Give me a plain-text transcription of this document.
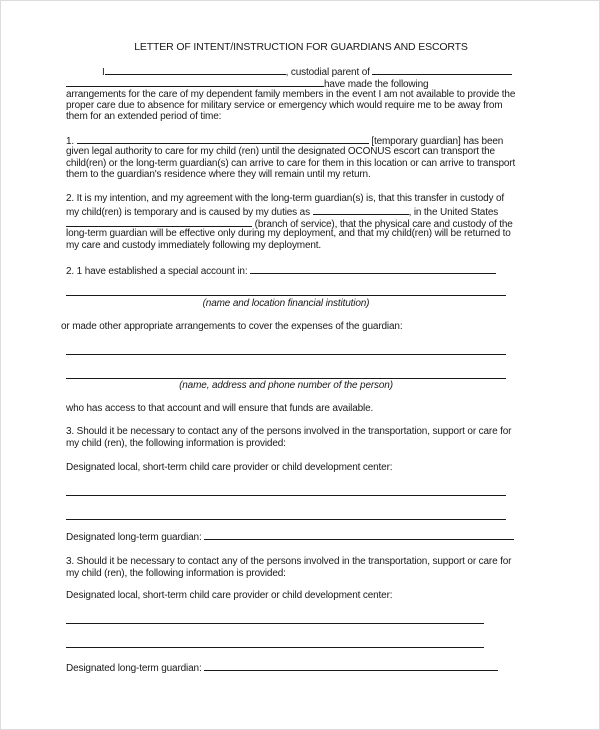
LETTER OF INTENT/INSTRUCTION FOR GUARDIANS AND ESCORTS
I	, custodial parent of
have made the following
arrangements for the care of my dependent family members in the event I am not available to provide the
proper care due to absence for military service or emergency which would require me to be away from
them for an extended period of time:
1.	[temporary guardian] has been
given legal authority to care for my child (ren) until the designated OCONUS escort can transport the
child(ren) or the long-term guardian(s) can arrive to care for them in this location or can arrive to transport
them to the guardian's residence where they will remain until my return.
2. It is my intention, and my agreement with the long-term guardian(s) is, that this transfer in custody of
my child(ren) is temporary and is caused by my duties as	, in the United States
(branch of service), that the physical care and custody of the
long-term guardian will be effective only during my deployment, and that my child(ren) will be returned to
my care and custody immediately following my deployment.
2. 1 have established a special account in:
(name and location financial institution)
or made other appropriate arrangements to cover the expenses of the guardian:
(name, address and phone number of the person)
who has access to that account and will ensure that funds are available.
3. Should it be necessary to contact any of the persons involved in the transportation, support or care for
my child (ren), the following information is provided:
Designated local, short-term child care provider or child development center:
Designated long-term guardian:
3. Should it be necessary to contact any of the persons involved in the transportation, support or care for
my child (ren), the following information is provided:
Designated local, short-term child care provider or child development center:
Designated long-term guardian:
